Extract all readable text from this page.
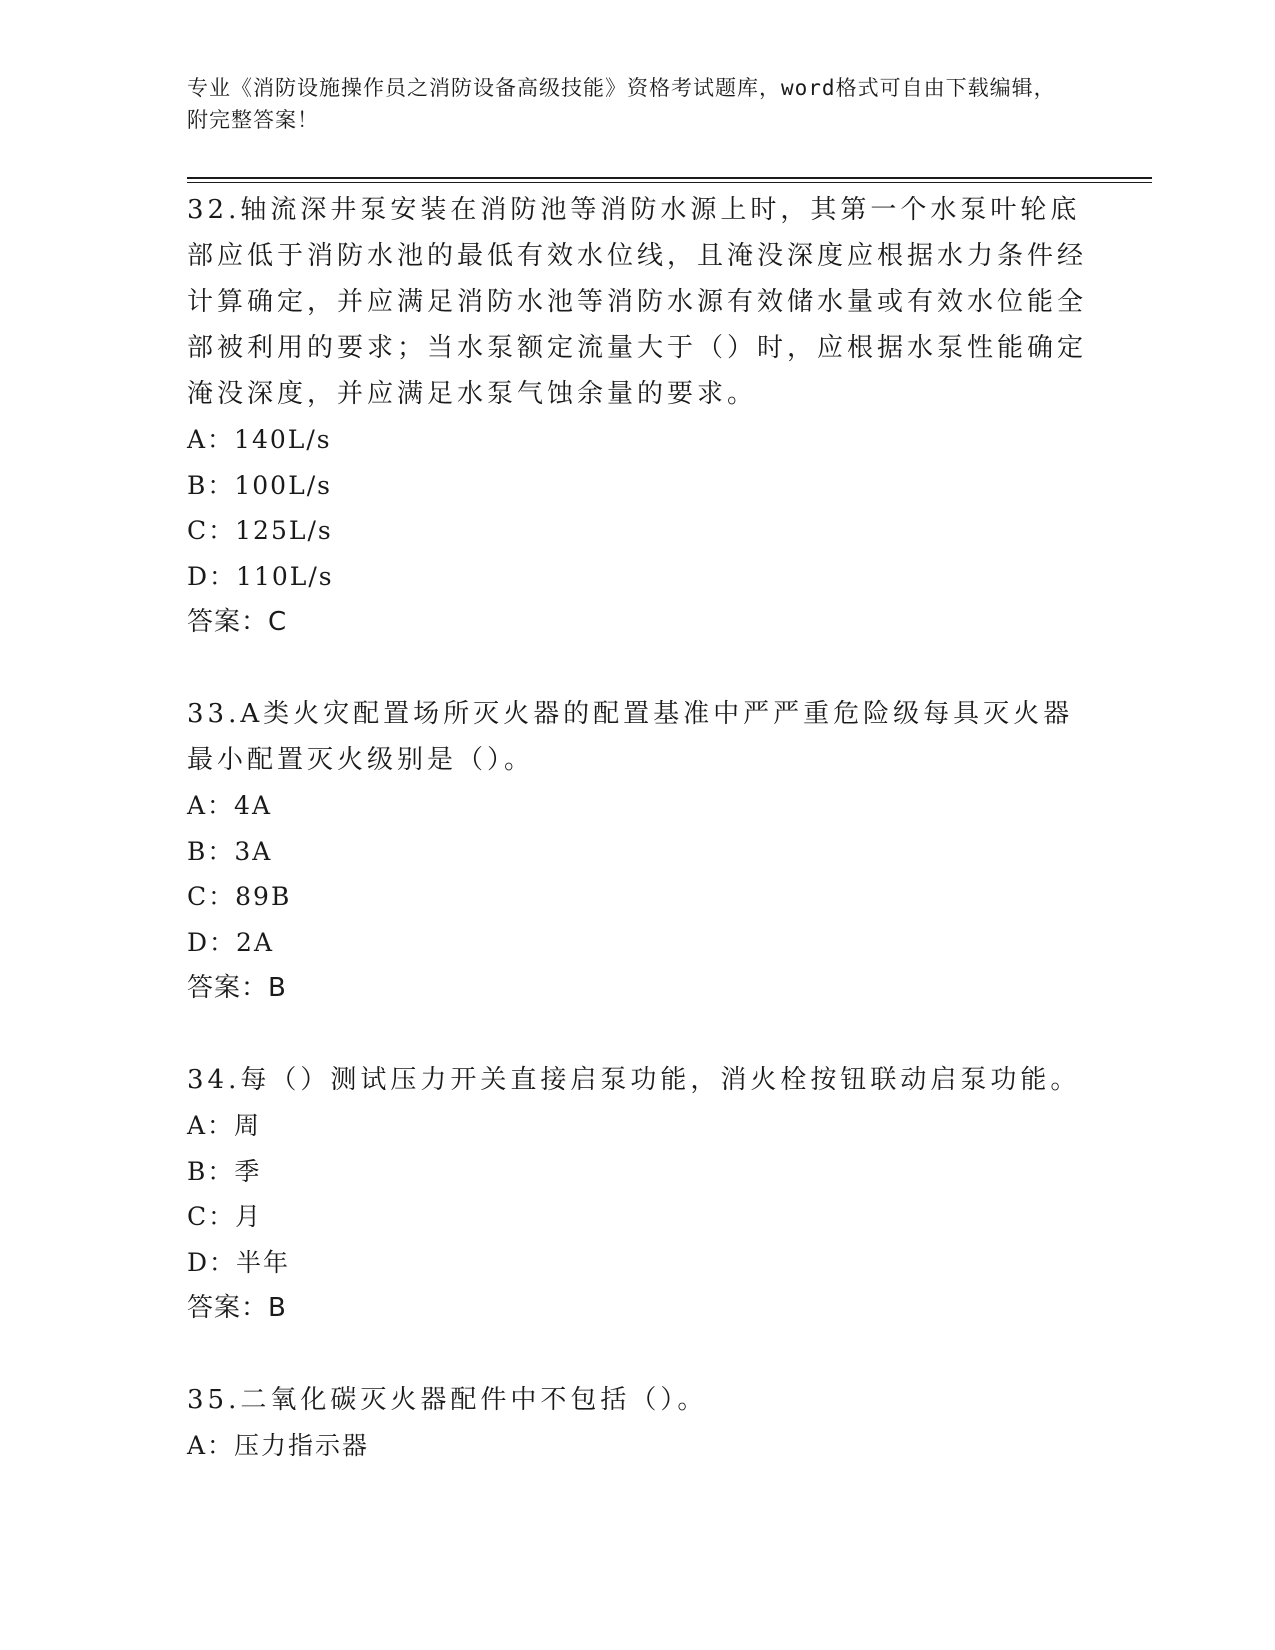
专业《消防设施操作员之消防设备高级技能》资格考试题库，word格式可自由下载编辑，附完整答案！

32.轴流深井泵安装在消防池等消防水源上时，其第一个水泵叶轮底部应低于消防水池的最低有效水位线，且淹没深度应根据水力条件经计算确定，并应满足消防水池等消防水源有效储水量或有效水位能全部被利用的要求；当水泵额定流量大于（）时，应根据水泵性能确定淹没深度，并应满足水泵气蚀余量的要求。

A：140L/s

B：100L/s

C：125L/s

D：110L/s

答案：C

33.A类火灾配置场所灭火器的配置基准中严严重危险级每具灭火器最小配置灭火级别是（）。

A：4A

B：3A

C：89B

D：2A

答案：B

34.每（）测试压力开关直接启泵功能，消火栓按钮联动启泵功能。

A：周

B：季

C：月

D：半年

答案：B

35.二氧化碳灭火器配件中不包括（）。

A：压力指示器
